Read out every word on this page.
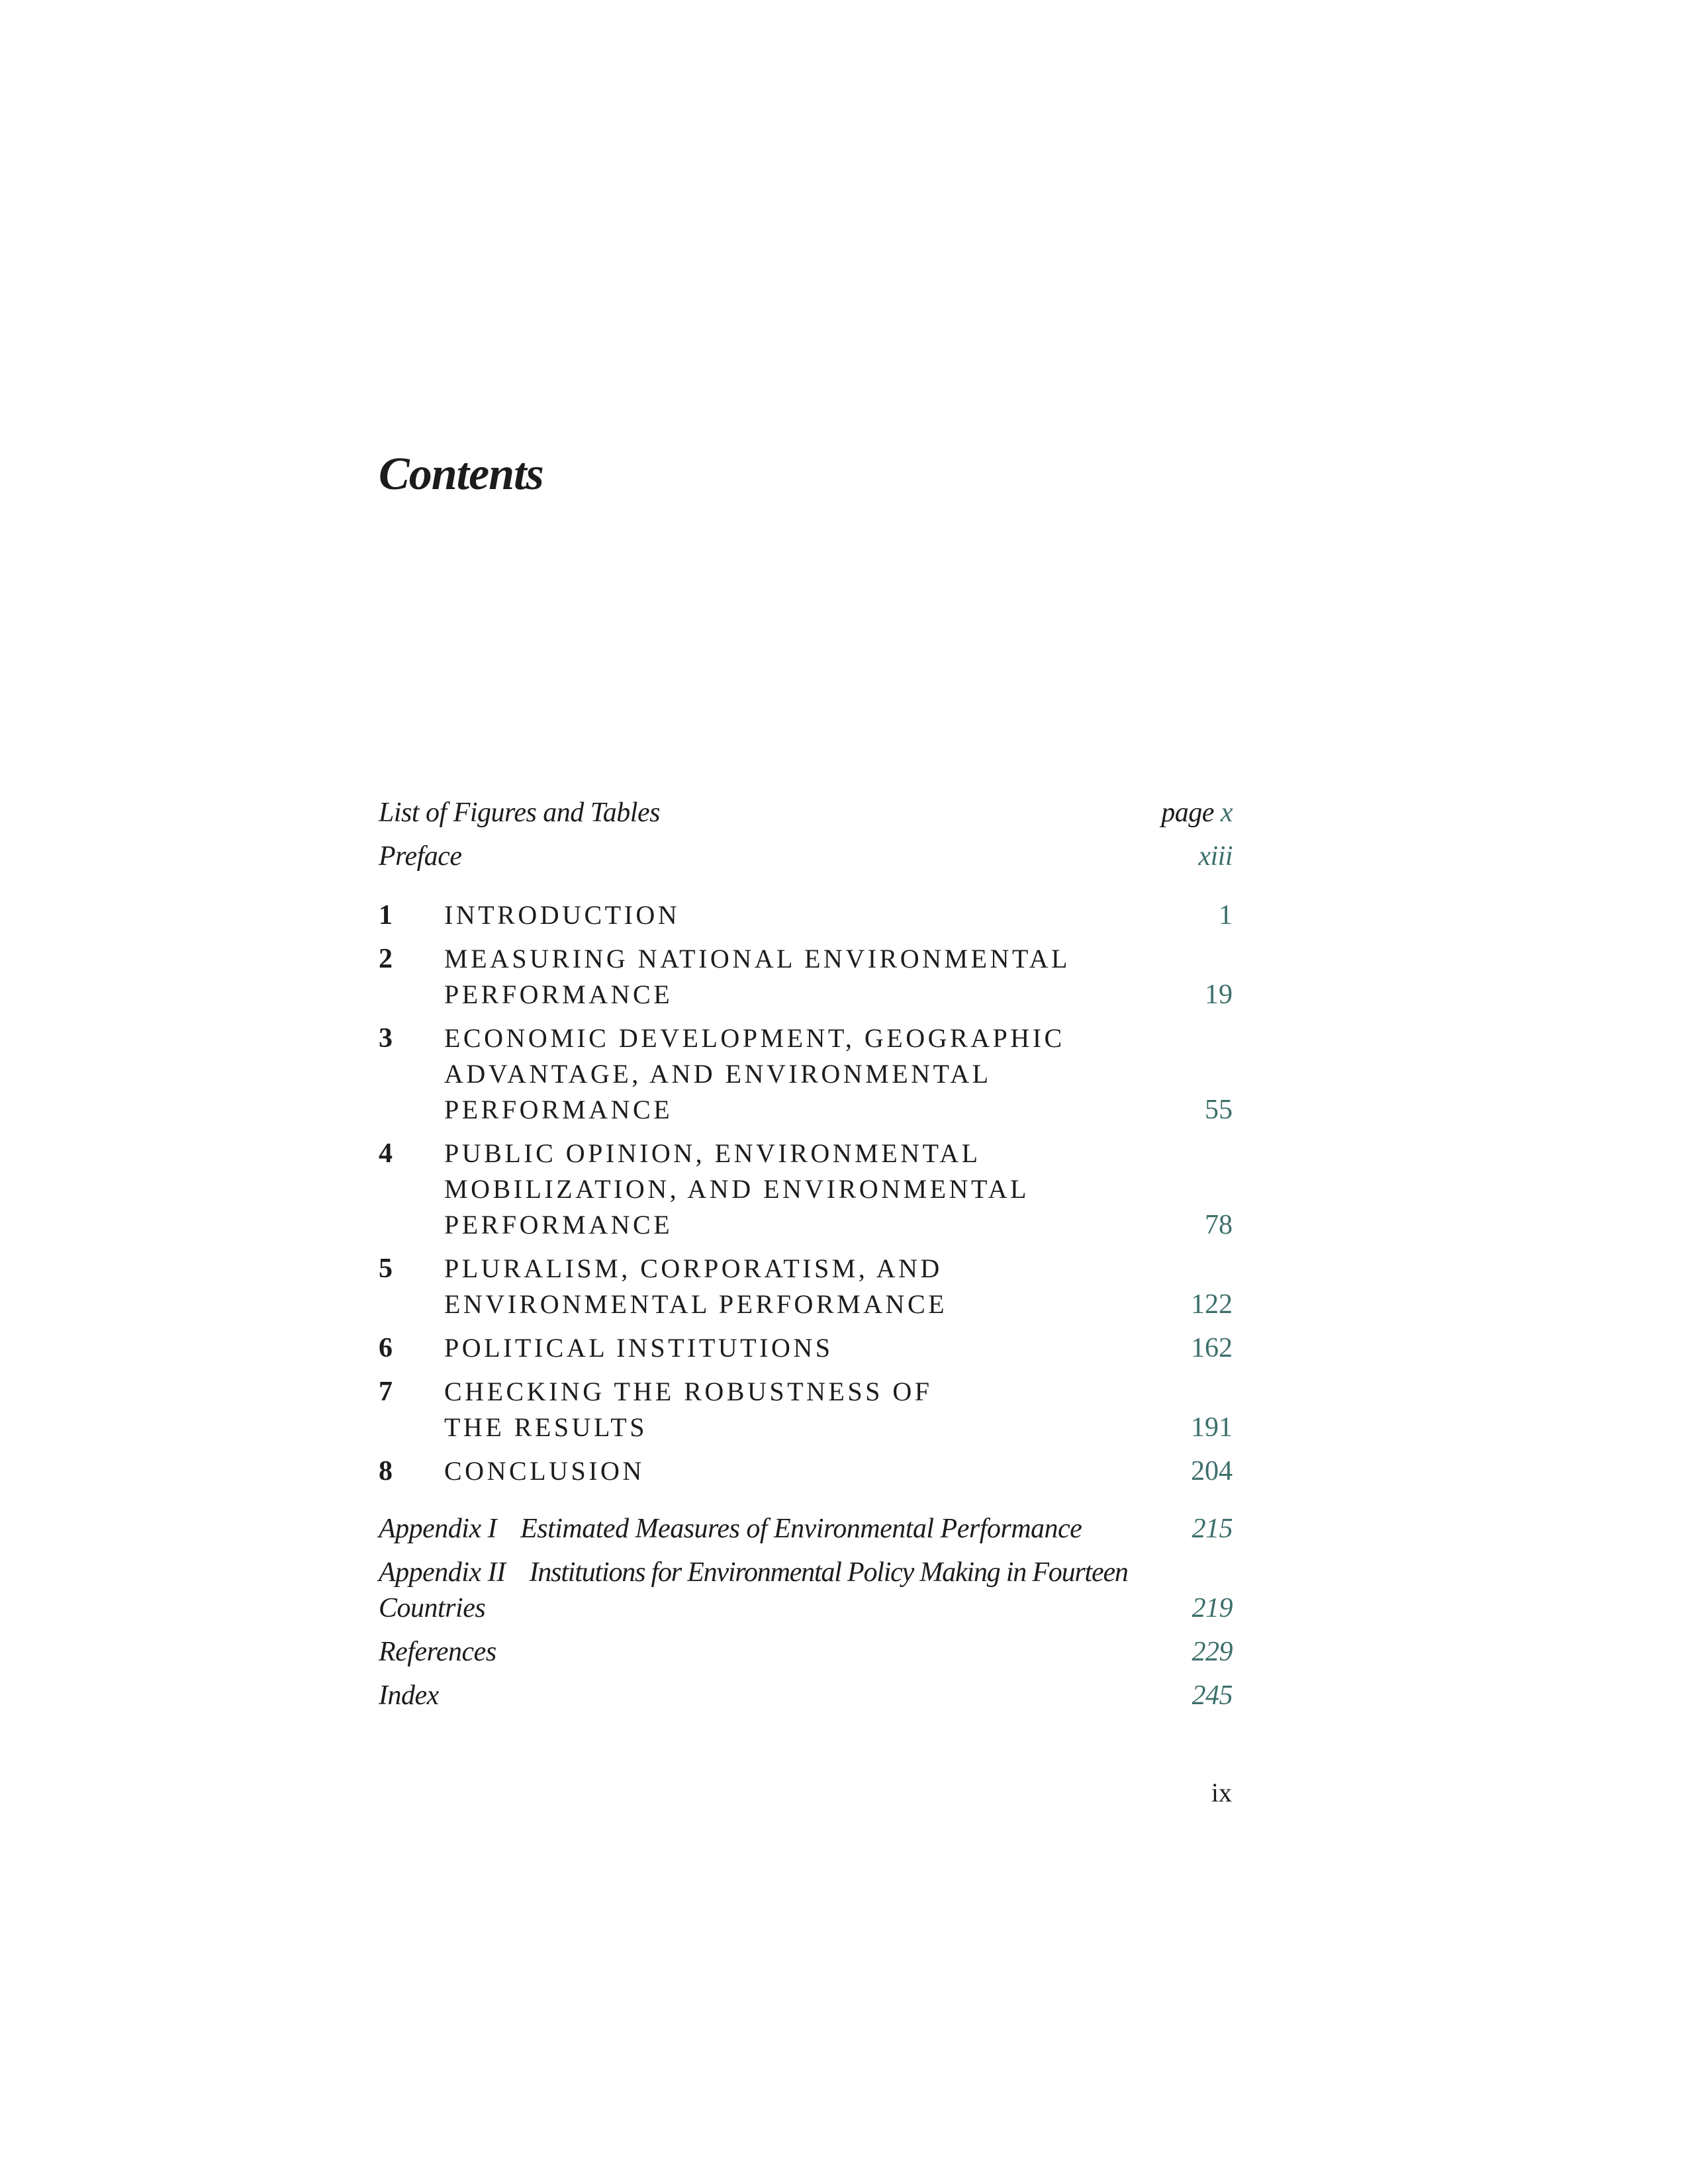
Contents
List of Figures and Tables	page x
Preface	xiii
1 INTRODUCTION	1
2 MEASURING NATIONAL ENVIRONMENTAL
PERFORMANCE	19
3 ECONOMIC DEVELOPMENT, GEOGRAPHIC
ADVANTAGE, AND ENVIRONMENTAL
PERFORMANCE	55
4 PUBLIC OPINION, ENVIRONMENTAL
MOBILIZATION, AND ENVIRONMENTAL
PERFORMANCE	78
5 PLURALISM, CORPORATISM, AND
ENVIRONMENTAL PERFORMANCE	122
6 POLITICAL INSTITUTIONS	162
7 CHECKING THE ROBUSTNESS OF
THE RESULTS	191
8 CONCLUSION	204
Appendix I Estimated Measures of Environmental Performance	215
Appendix II Institutions for Environmental Policy Making in Fourteen
Countries	219
References	229
Index	245
ix
